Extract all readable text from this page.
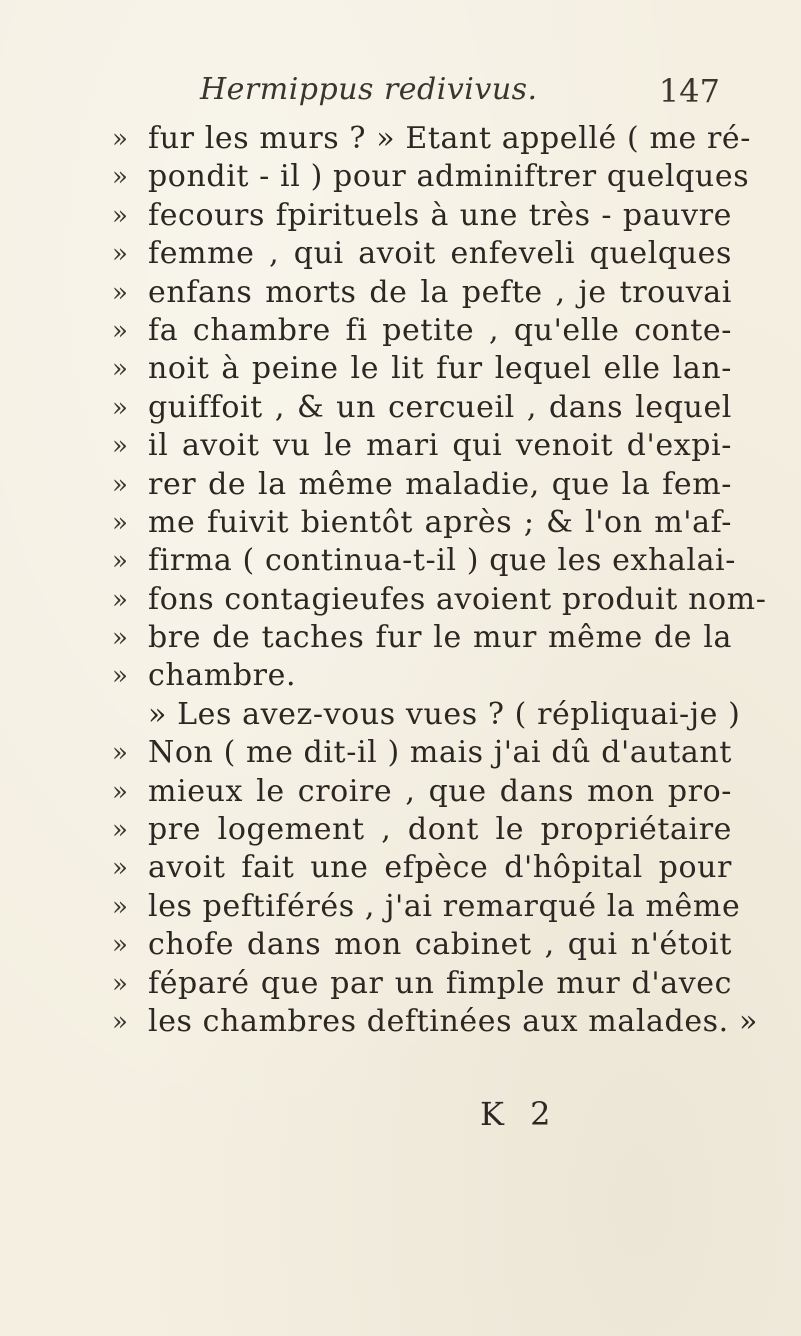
Hermippus redivivus.	147
» fur les murs ? » Etant appellé ( me ré-
» pondit - il ) pour adminiftrer quelques
» fecours fpirituels à une très - pauvre
» femme , qui avoit enfeveli quelques
» enfans morts de la pefte , je trouvai
» fa chambre fi petite , qu'elle conte-
» noit à peine le lit fur lequel elle lan-
» guiffoit , & un cercueil , dans lequel
» il avoit vu le mari qui venoit d'expi-
» rer de la même maladie, que la fem-
» me fuivit bientôt après ; & l'on m'af-
» firma ( continua-t-il ) que les exhalai-
» fons contagieufes avoient produit nom-
» bre de taches fur le mur même de la
» chambre.
» Les avez-vous vues ? ( répliquai-je )
» Non ( me dit-il ) mais j'ai dû d'autant
» mieux le croire , que dans mon pro-
» pre logement , dont le propriétaire
» avoit fait une efpèce d'hôpital pour
» les peftiférés , j'ai remarqué la même
» chofe dans mon cabinet , qui n'étoit
» féparé que par un fimple mur d'avec
» les chambres deftinées aux malades. »
K 2
